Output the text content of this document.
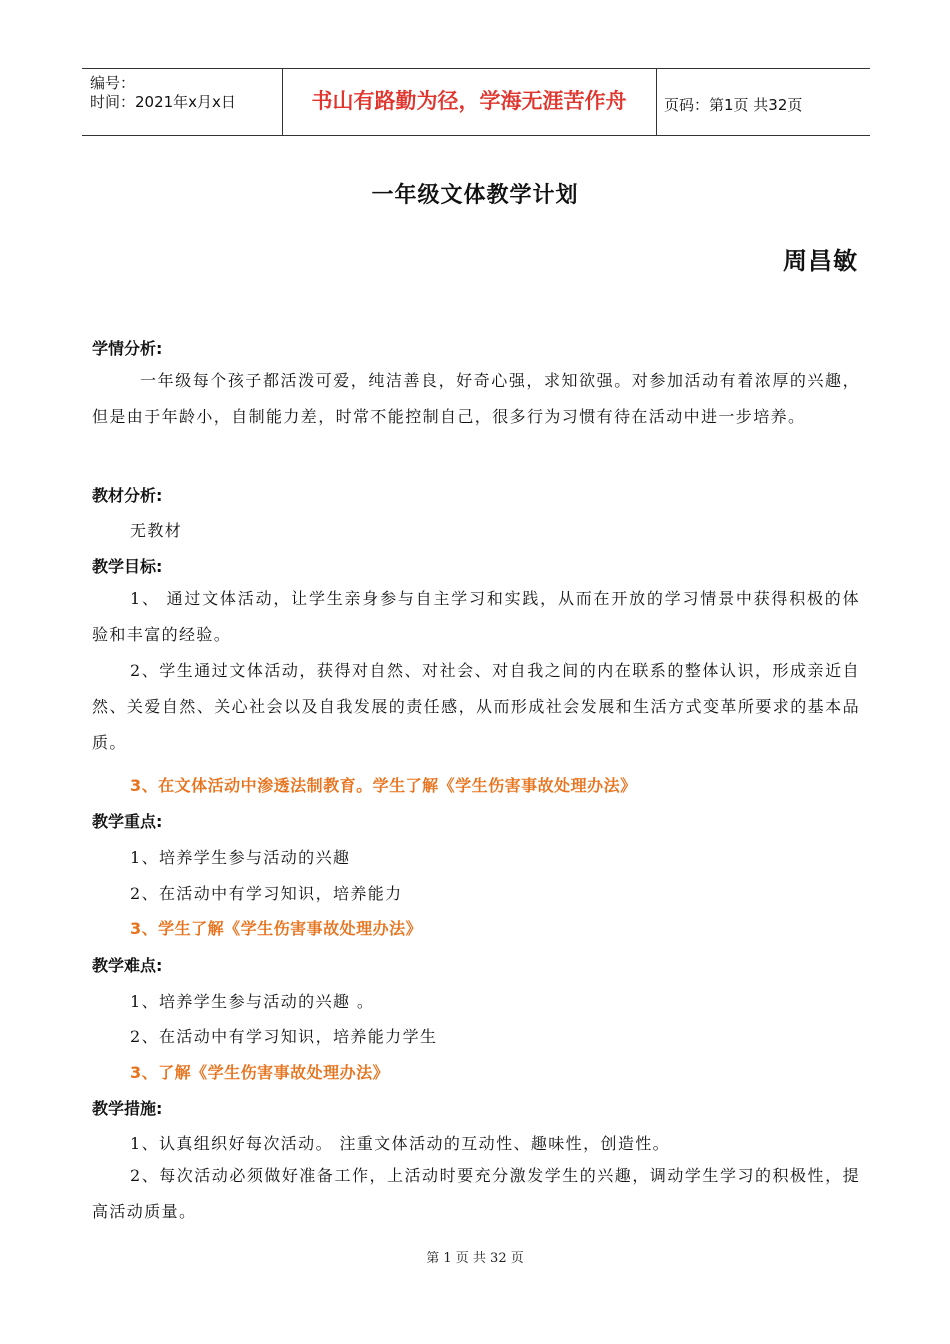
编号：
时间：2021年x月x日	书山有路勤为径，学海无涯苦作舟	页码：第1页 共32页
一年级文体教学计划
周昌敏
学情分析:
一年级每个孩子都活泼可爱，纯洁善良，好奇心强，求知欲强。对参加活动有着浓厚的兴趣，但是由于年龄小，自制能力差，时常不能控制自己，很多行为习惯有待在活动中进一步培养。
教材分析:
无教材
教学目标:
1、 通过文体活动，让学生亲身参与自主学习和实践，从而在开放的学习情景中获得积极的体验和丰富的经验。
2、学生通过文体活动，获得对自然、对社会、对自我之间的内在联系的整体认识，形成亲近自然、关爱自然、关心社会以及自我发展的责任感，从而形成社会发展和生活方式变革所要求的基本品质。
3、在文体活动中渗透法制教育。学生了解《学生伤害事故处理办法》
教学重点:
1、培养学生参与活动的兴趣
2、在活动中有学习知识，培养能力
3、学生了解《学生伤害事故处理办法》
教学难点:
1、培养学生参与活动的兴趣 。
2、在活动中有学习知识，培养能力学生
3、了解《学生伤害事故处理办法》
教学措施:
1、认真组织好每次活动。 注重文体活动的互动性、趣味性，创造性。
2、每次活动必须做好准备工作，上活动时要充分激发学生的兴趣，调动学生学习的积极性，提高活动质量。
第 1 页 共 32 页
